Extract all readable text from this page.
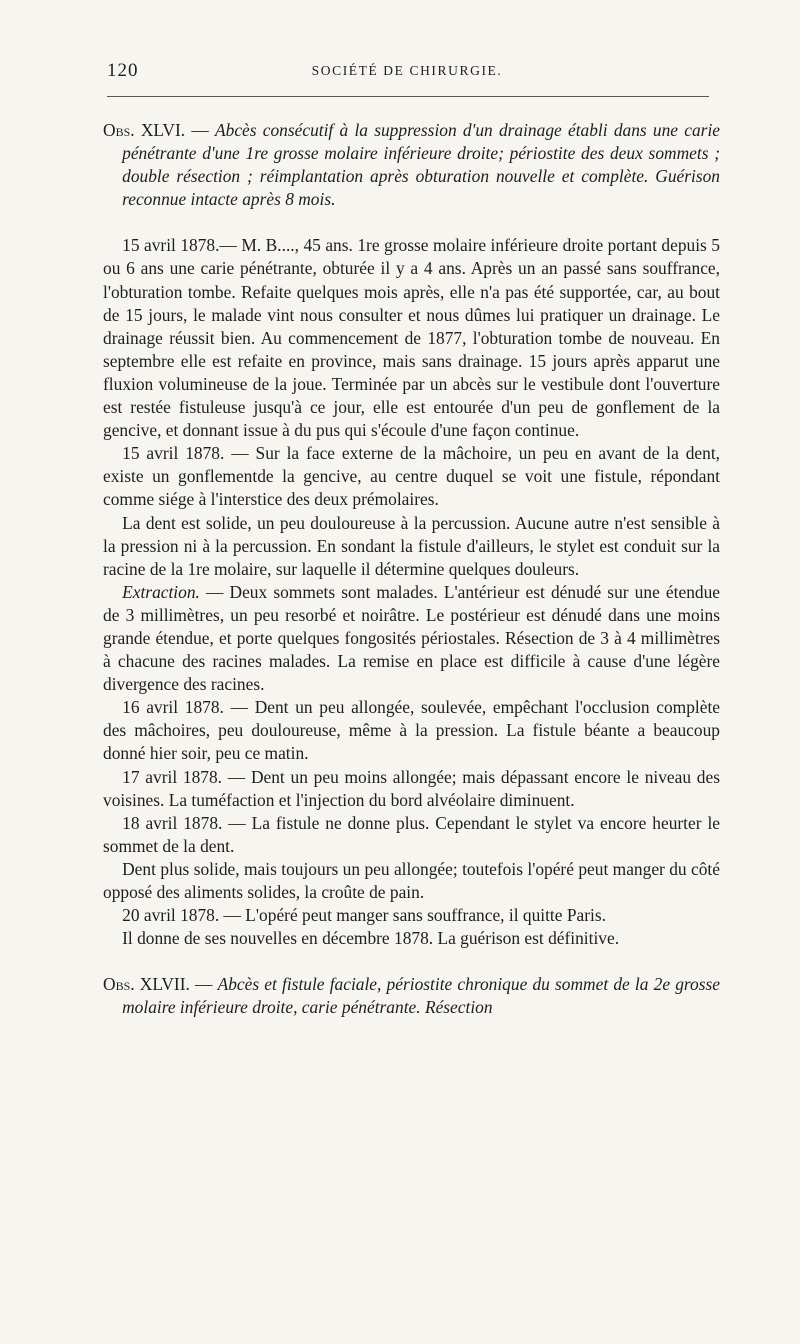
120	SOCIÉTÉ DE CHIRURGIE.

Obs. XLVI. — Abcès consécutif à la suppression d'un drainage établi dans une carie pénétrante d'une 1re grosse molaire inférieure droite; périostite des deux sommets ; double résection ; réimplantation après obturation nouvelle et complète. Guérison reconnue intacte après 8 mois.

15 avril 1878.— M. B...., 45 ans. 1re grosse molaire inférieure droite portant depuis 5 ou 6 ans une carie pénétrante, obturée il y a 4 ans. Après un an passé sans souffrance, l'obturation tombe. Refaite quelques mois après, elle n'a pas été supportée, car, au bout de 15 jours, le malade vint nous consulter et nous dûmes lui pratiquer un drainage. Le drainage réussit bien. Au commencement de 1877, l'obturation tombe de nouveau. En septembre elle est refaite en province, mais sans drainage. 15 jours après apparut une fluxion volumineuse de la joue. Terminée par un abcès sur le vestibule dont l'ouverture est restée fistuleuse jusqu'à ce jour, elle est entourée d'un peu de gonflement de la gencive, et donnant issue à du pus qui s'écoule d'une façon continue.

15 avril 1878. — Sur la face externe de la mâchoire, un peu en avant de la dent, existe un gonflementde la gencive, au centre duquel se voit une fistule, répondant comme siége à l'interstice des deux prémolaires.

La dent est solide, un peu douloureuse à la percussion. Aucune autre n'est sensible à la pression ni à la percussion. En sondant la fistule d'ailleurs, le stylet est conduit sur la racine de la 1re molaire, sur laquelle il détermine quelques douleurs.

Extraction. — Deux sommets sont malades. L'antérieur est dénudé sur une étendue de 3 millimètres, un peu resorbé et noirâtre. Le postérieur est dénudé dans une moins grande étendue, et porte quelques fongosités périostales. Résection de 3 à 4 millimètres à chacune des racines malades. La remise en place est difficile à cause d'une légère divergence des racines.

16 avril 1878. — Dent un peu allongée, soulevée, empêchant l'occlusion complète des mâchoires, peu douloureuse, même à la pression. La fistule béante a beaucoup donné hier soir, peu ce matin.

17 avril 1878. — Dent un peu moins allongée; mais dépassant encore le niveau des voisines. La tuméfaction et l'injection du bord alvéolaire diminuent.

18 avril 1878. — La fistule ne donne plus. Cependant le stylet va encore heurter le sommet de la dent.

Dent plus solide, mais toujours un peu allongée; toutefois l'opéré peut manger du côté opposé des aliments solides, la croûte de pain.

20 avril 1878. — L'opéré peut manger sans souffrance, il quitte Paris.

Il donne de ses nouvelles en décembre 1878. La guérison est définitive.

Obs. XLVII. — Abcès et fistule faciale, périostite chronique du sommet de la 2e grosse molaire inférieure droite, carie pénétrante. Résection
